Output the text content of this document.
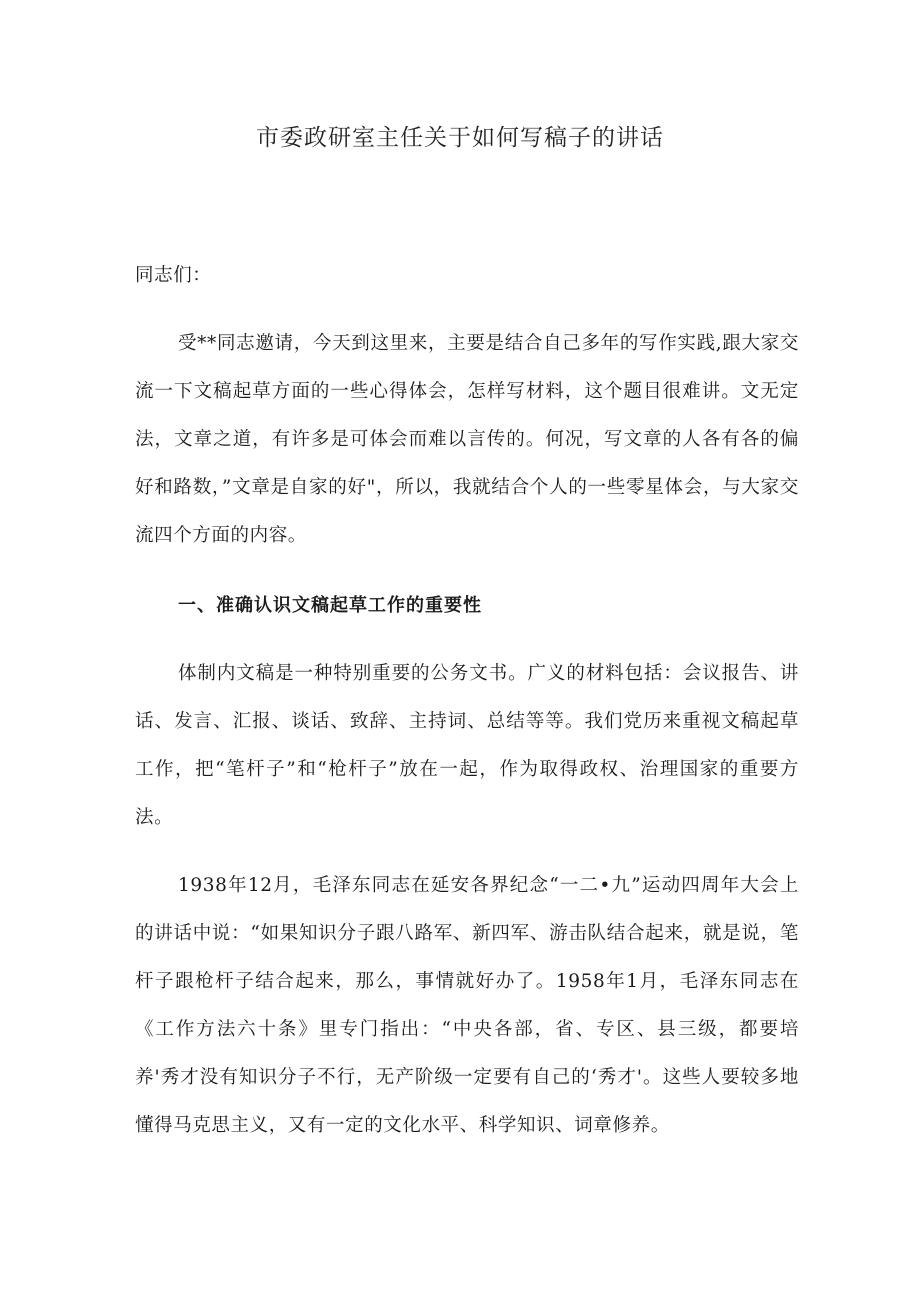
市委政研室主任关于如何写稿子的讲话

同志们：

受**同志邀请，今天到这里来，主要是结合自己多年的写作实践,跟大家交流一下文稿起草方面的一些心得体会，怎样写材料，这个题目很难讲。文无定法，文章之道，有许多是可体会而难以言传的。何况，写文章的人各有各的偏好和路数，”文章是自家的好"，所以，我就结合个人的一些零星体会，与大家交流四个方面的内容。

一、准确认识文稿起草工作的重要性

体制内文稿是一种特别重要的公务文书。广义的材料包括：会议报告、讲话、发言、汇报、谈话、致辞、主持词、总结等等。我们党历来重视文稿起草工作，把“笔杆子”和“枪杆子”放在一起，作为取得政权、治理国家的重要方法。

1938年12月，毛泽东同志在延安各界纪念“一二•九”运动四周年大会上的讲话中说：“如果知识分子跟八路军、新四军、游击队结合起来，就是说，笔杆子跟枪杆子结合起来，那么，事情就好办了。1958年1月，毛泽东同志在《工作方法六十条》里专门指出：“中央各部，省、专区、县三级，都要培养'秀才没有知识分子不行，无产阶级一定要有自己的‘秀才'。这些人要较多地懂得马克思主义，又有一定的文化水平、科学知识、词章修养。
